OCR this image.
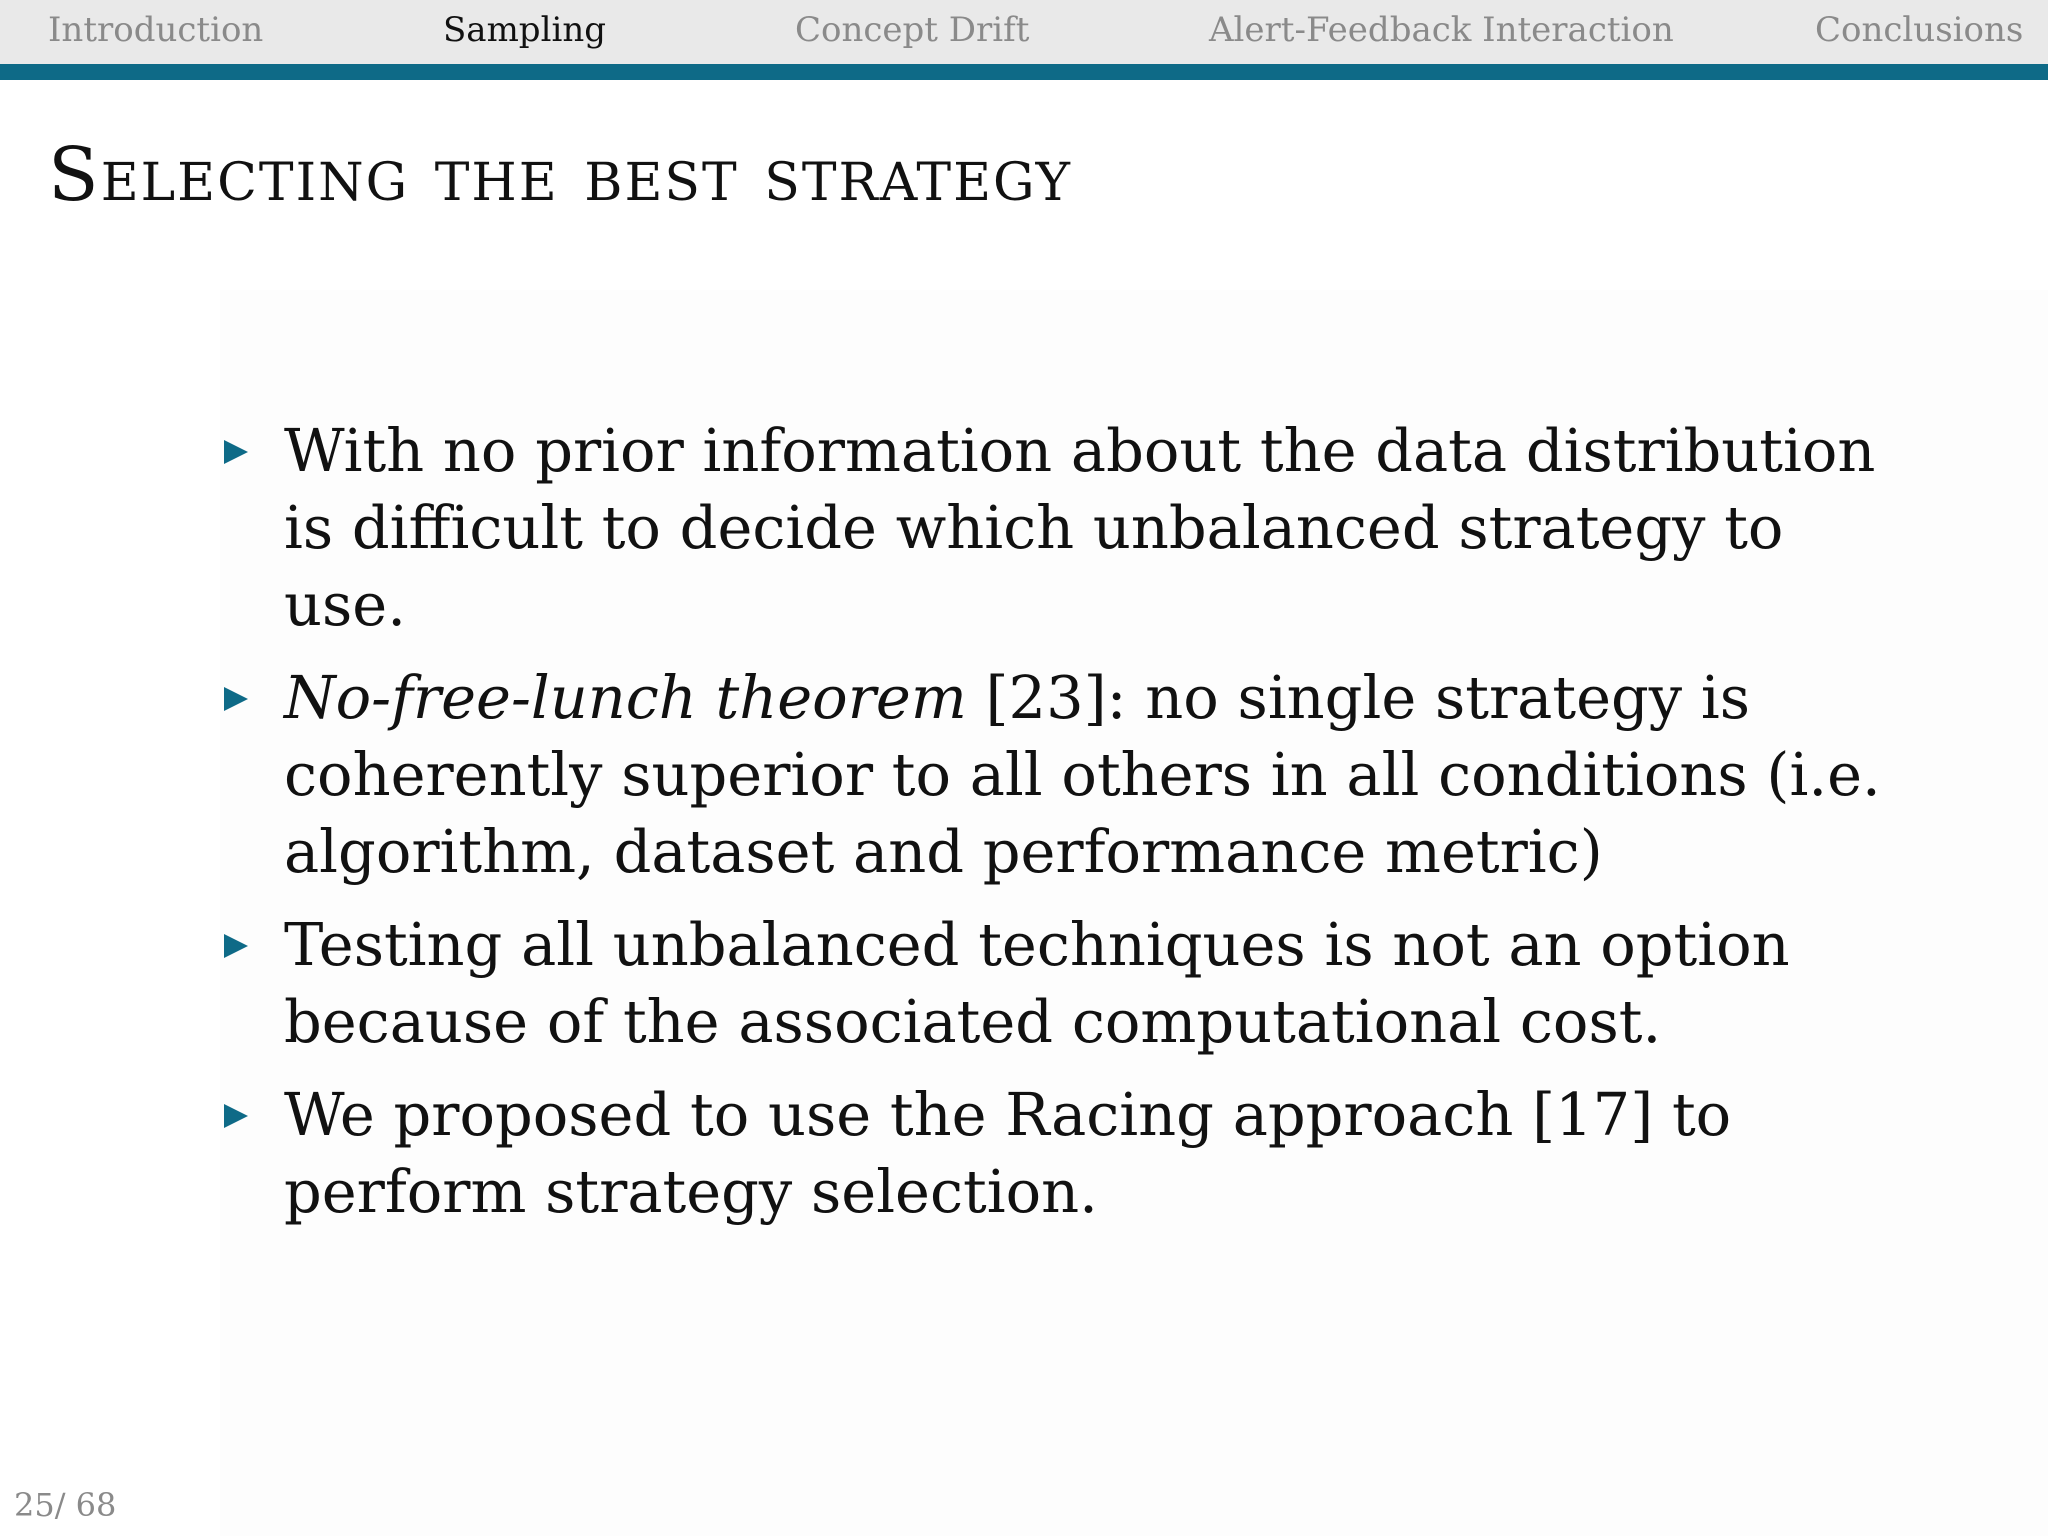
Introduction	Sampling	Concept Drift	Alert-Feedback Interaction	Conclusions
Selecting the best strategy
With no prior information about the data distribution is difficult to decide which unbalanced strategy to use.
No-free-lunch theorem [23]: no single strategy is coherently superior to all others in all conditions (i.e. algorithm, dataset and performance metric)
Testing all unbalanced techniques is not an option because of the associated computational cost.
We proposed to use the Racing approach [17] to perform strategy selection.
25/ 68
